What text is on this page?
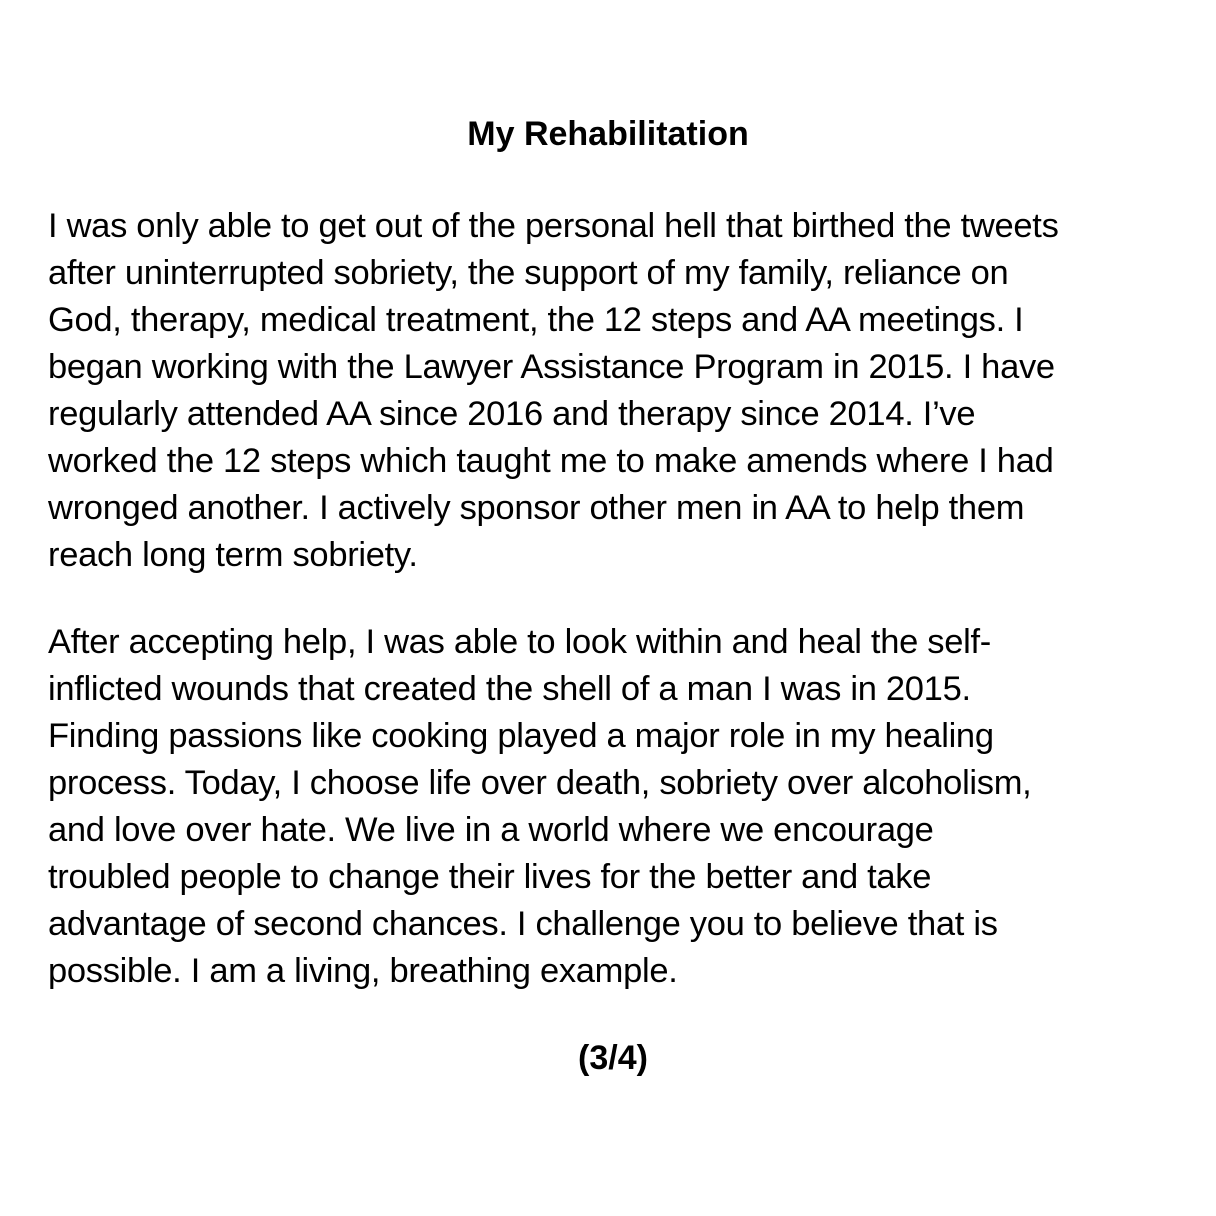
My Rehabilitation

I was only able to get out of the personal hell that birthed the tweets
after uninterrupted sobriety, the support of my family, reliance on
God, therapy, medical treatment, the 12 steps and AA meetings. I
began working with the Lawyer Assistance Program in 2015. I have
regularly attended AA since 2016 and therapy since 2014. I’ve
worked the 12 steps which taught me to make amends where I had
wronged another. I actively sponsor other men in AA to help them
reach long term sobriety.

After accepting help, I was able to look within and heal the self-
inflicted wounds that created the shell of a man I was in 2015.
Finding passions like cooking played a major role in my healing
process. Today, I choose life over death, sobriety over alcoholism,
and love over hate. We live in a world where we encourage
troubled people to change their lives for the better and take
advantage of second chances. I challenge you to believe that is
possible. I am a living, breathing example.

(3/4)
